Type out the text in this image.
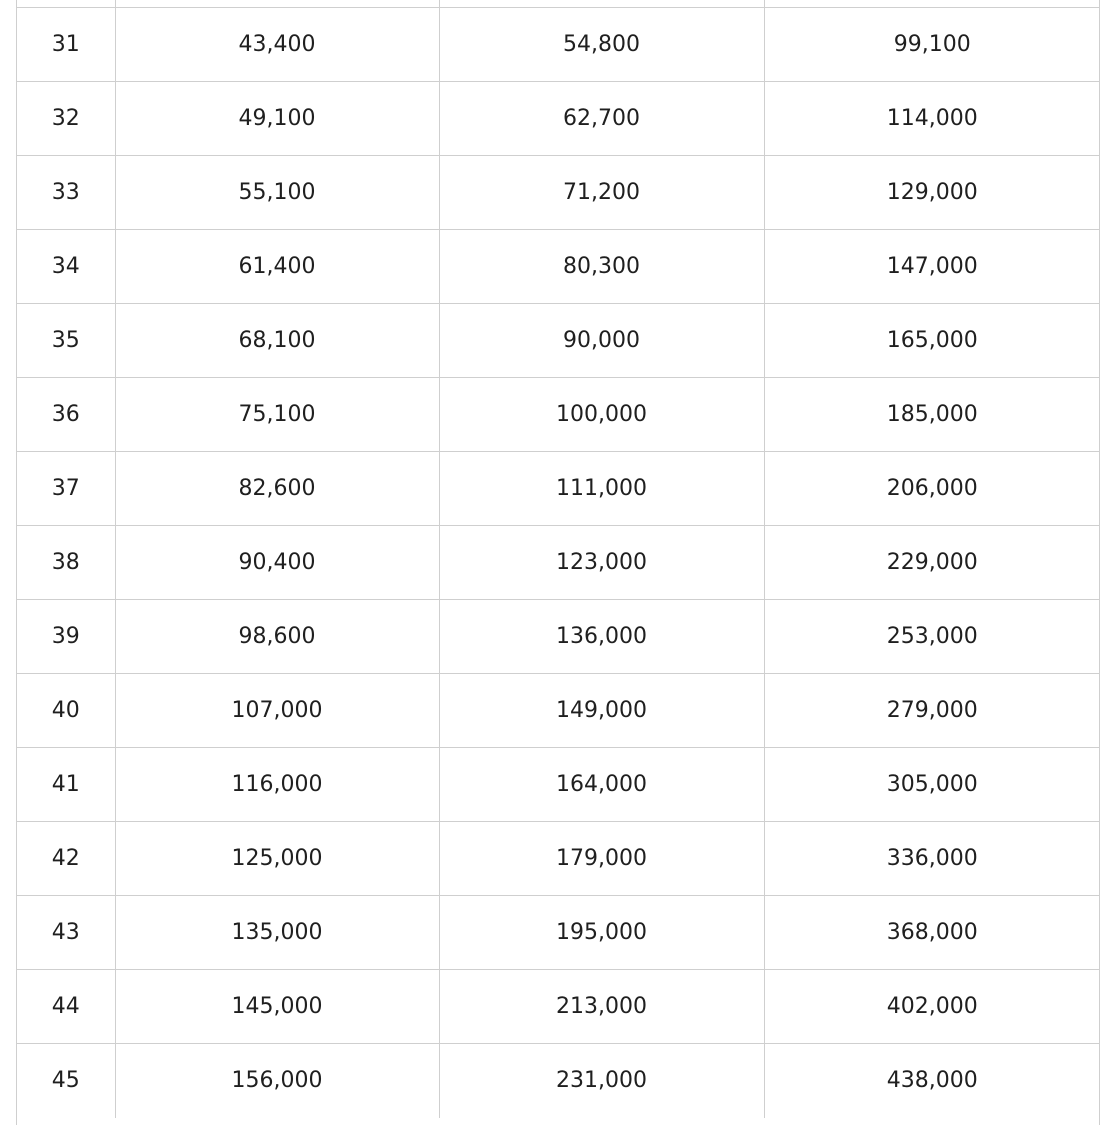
31	43,400	54,800	99,100
32	49,100	62,700	114,000
33	55,100	71,200	129,000
34	61,400	80,300	147,000
35	68,100	90,000	165,000
36	75,100	100,000	185,000
37	82,600	111,000	206,000
38	90,400	123,000	229,000
39	98,600	136,000	253,000
40	107,000	149,000	279,000
41	116,000	164,000	305,000
42	125,000	179,000	336,000
43	135,000	195,000	368,000
44	145,000	213,000	402,000
45	156,000	231,000	438,000
